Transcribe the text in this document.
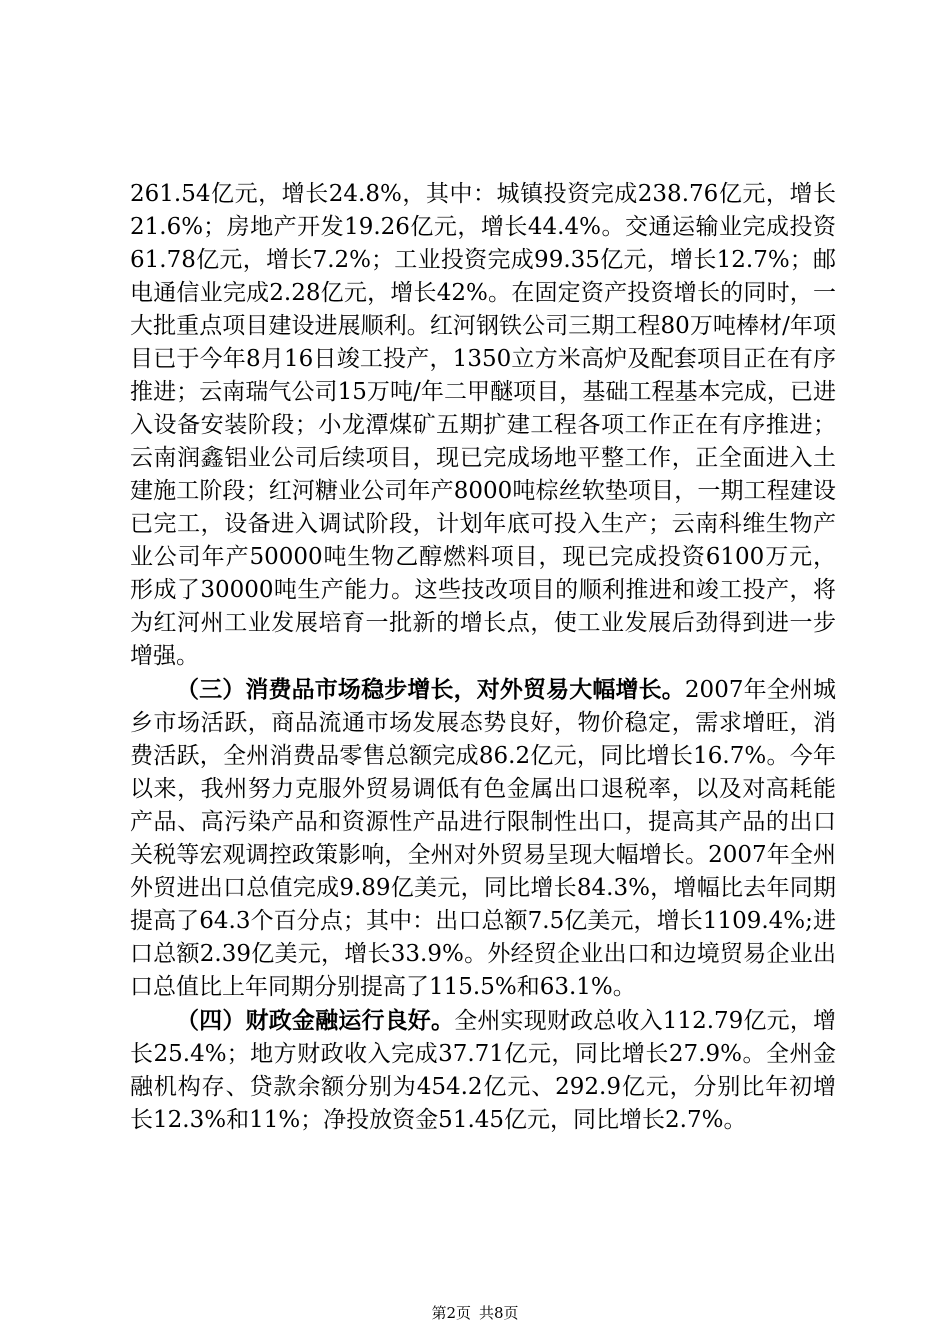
261.54亿元，增长24.8%，其中：城镇投资完成238.76亿元，增长21.6%；房地产开发19.26亿元，增长44.4%。交通运输业完成投资61.78亿元，增长7.2%；工业投资完成99.35亿元，增长12.7%；邮电通信业完成2.28亿元，增长42%。在固定资产投资增长的同时，一大批重点项目建设进展顺利。红河钢铁公司三期工程80万吨棒材/年项目已于今年8月16日竣工投产，1350立方米高炉及配套项目正在有序推进；云南瑞气公司15万吨/年二甲醚项目，基础工程基本完成，已进入设备安装阶段；小龙潭煤矿五期扩建工程各项工作正在有序推进；云南润鑫铝业公司后续项目，现已完成场地平整工作，正全面进入土建施工阶段；红河糖业公司年产8000吨棕丝软垫项目，一期工程建设已完工，设备进入调试阶段，计划年底可投入生产；云南科维生物产业公司年产50000吨生物乙醇燃料项目，现已完成投资6100万元，形成了30000吨生产能力。这些技改项目的顺利推进和竣工投产，将为红河州工业发展培育一批新的增长点，使工业发展后劲得到进一步增强。

（三）消费品市场稳步增长，对外贸易大幅增长。2007年全州城乡市场活跃，商品流通市场发展态势良好，物价稳定，需求增旺，消费活跃，全州消费品零售总额完成86.2亿元，同比增长16.7%。今年以来，我州努力克服外贸易调低有色金属出口退税率，以及对高耗能产品、高污染产品和资源性产品进行限制性出口，提高其产品的出口关税等宏观调控政策影响，全州对外贸易呈现大幅增长。2007年全州外贸进出口总值完成9.89亿美元，同比增长84.3%，增幅比去年同期提高了64.3个百分点；其中：出口总额7.5亿美元，增长1109.4%;进口总额2.39亿美元，增长33.9%。外经贸企业出口和边境贸易企业出口总值比上年同期分别提高了115.5%和63.1%。

（四）财政金融运行良好。全州实现财政总收入112.79亿元，增长25.4%；地方财政收入完成37.71亿元，同比增长27.9%。全州金融机构存、贷款余额分别为454.2亿元、292.9亿元，分别比年初增长12.3%和11%；净投放资金51.45亿元，同比增长2.7%。

第2页 共8页
